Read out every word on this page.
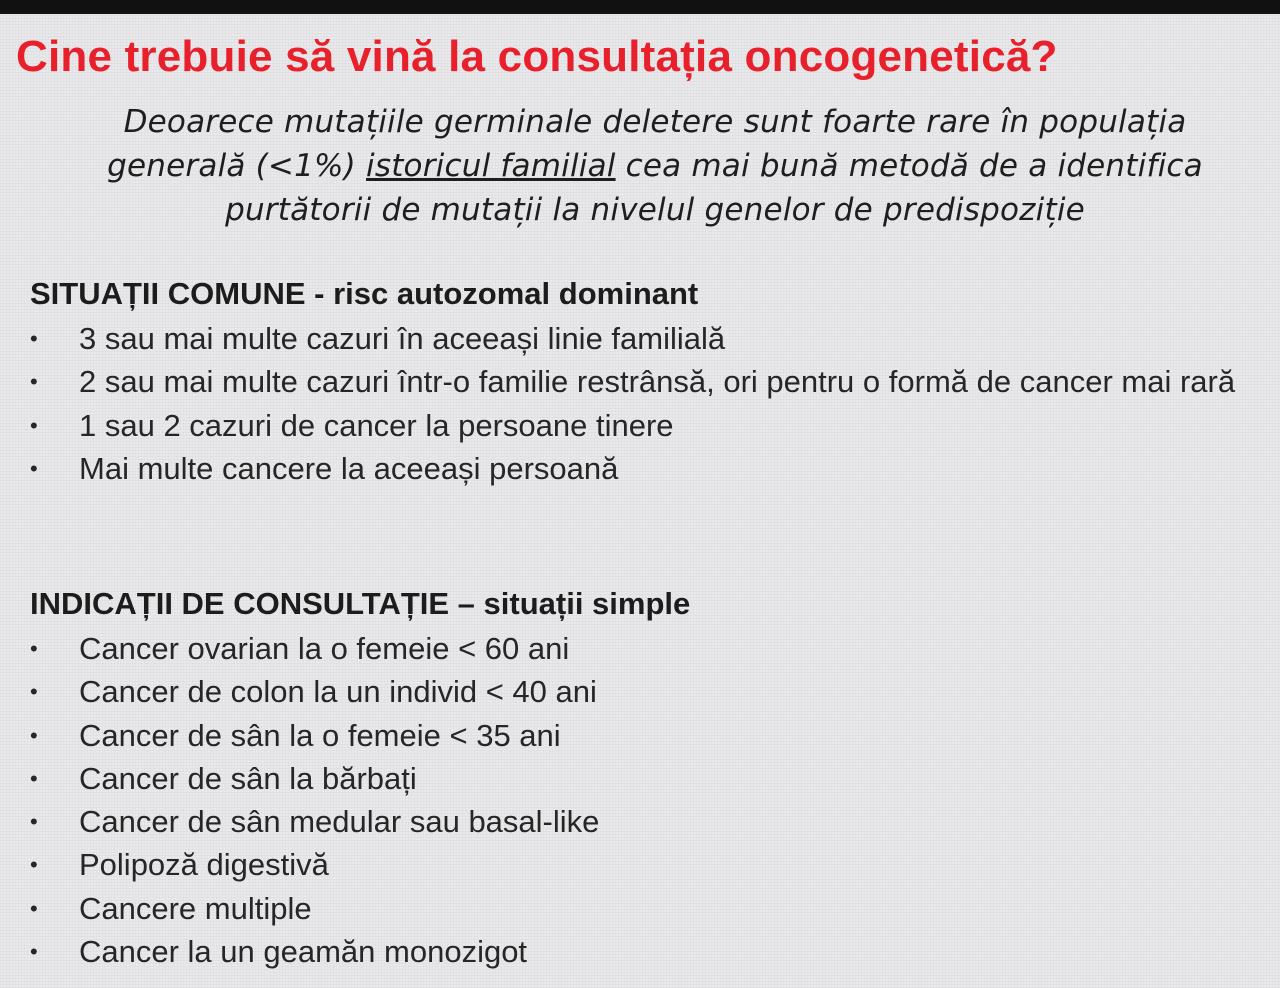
Cine trebuie să vină la consultația oncogenetică?
Deoarece mutațiile germinale deletere sunt foarte rare în populația
generală (<1%) istoricul familial cea mai bună metodă de a identifica
purtătorii de mutații la nivelul genelor de predispoziție
SITUAȚII COMUNE - risc autozomal dominant
•	3 sau mai multe cazuri în aceeași linie familială
•	2 sau mai multe cazuri într-o familie restrânsă, ori pentru o formă de cancer mai rară
•	1 sau 2 cazuri de cancer la persoane tinere
•	Mai multe cancere la aceeași persoană
INDICAȚII DE CONSULTAȚIE – situații simple
•	Cancer ovarian la o femeie < 60 ani
•	Cancer de colon la un individ < 40 ani
•	Cancer de sân la o femeie < 35 ani
•	Cancer de sân la bărbați
•	Cancer de sân medular sau basal-like
•	Polipoză digestivă
•	Cancere multiple
•	Cancer la un geamăn monozigot
